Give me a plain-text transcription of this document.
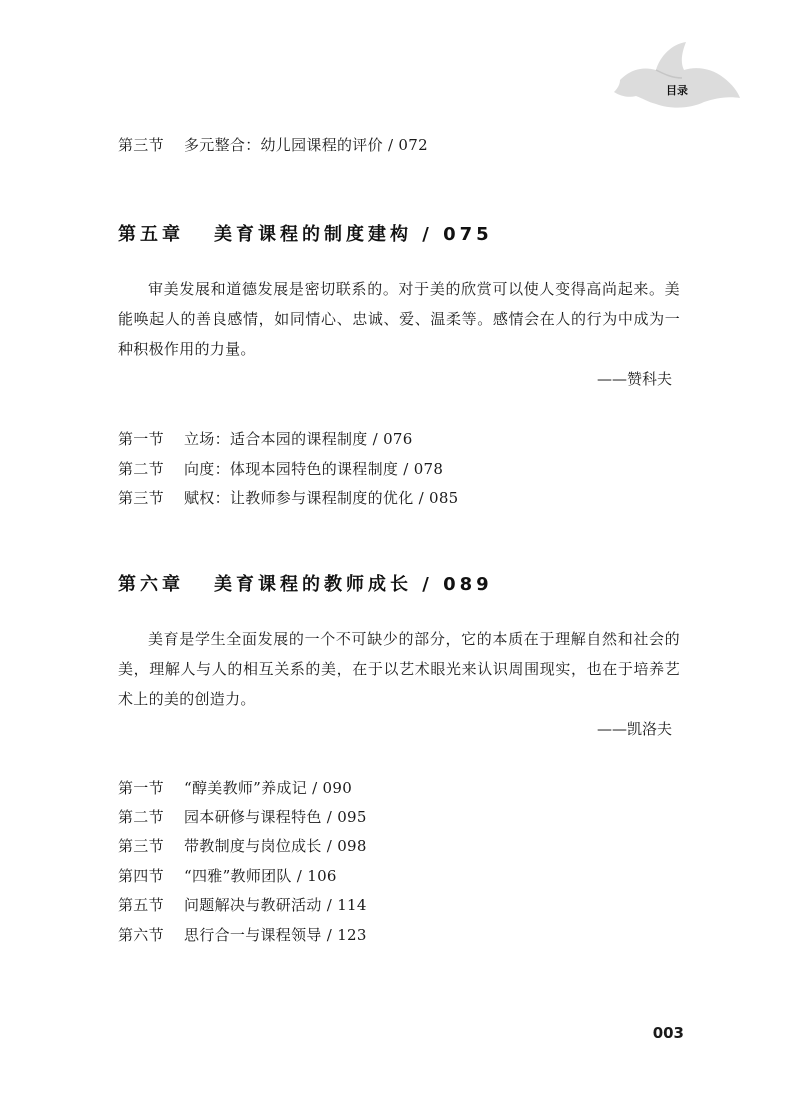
目录
第三节 多元整合：幼儿园课程的评价 / 072
第五章 美育课程的制度建构 / 075

审美发展和道德发展是密切联系的。对于美的欣赏可以使人变得高尚起来。美能唤起人的善良感情，如同情心、忠诚、爱、温柔等。感情会在人的行为中成为一种积极作用的力量。

——赞科夫
第一节 立场：适合本园的课程制度 / 076
第二节 向度：体现本园特色的课程制度 / 078
第三节 赋权：让教师参与课程制度的优化 / 085
第六章 美育课程的教师成长 / 089

美育是学生全面发展的一个不可缺少的部分，它的本质在于理解自然和社会的美，理解人与人的相互关系的美，在于以艺术眼光来认识周围现实，也在于培养艺术上的美的创造力。

——凯洛夫
第一节 “醇美教师”养成记 / 090
第二节 园本研修与课程特色 / 095
第三节 带教制度与岗位成长 / 098
第四节 “四雅”教师团队 / 106
第五节 问题解决与教研活动 / 114
第六节 思行合一与课程领导 / 123
003
